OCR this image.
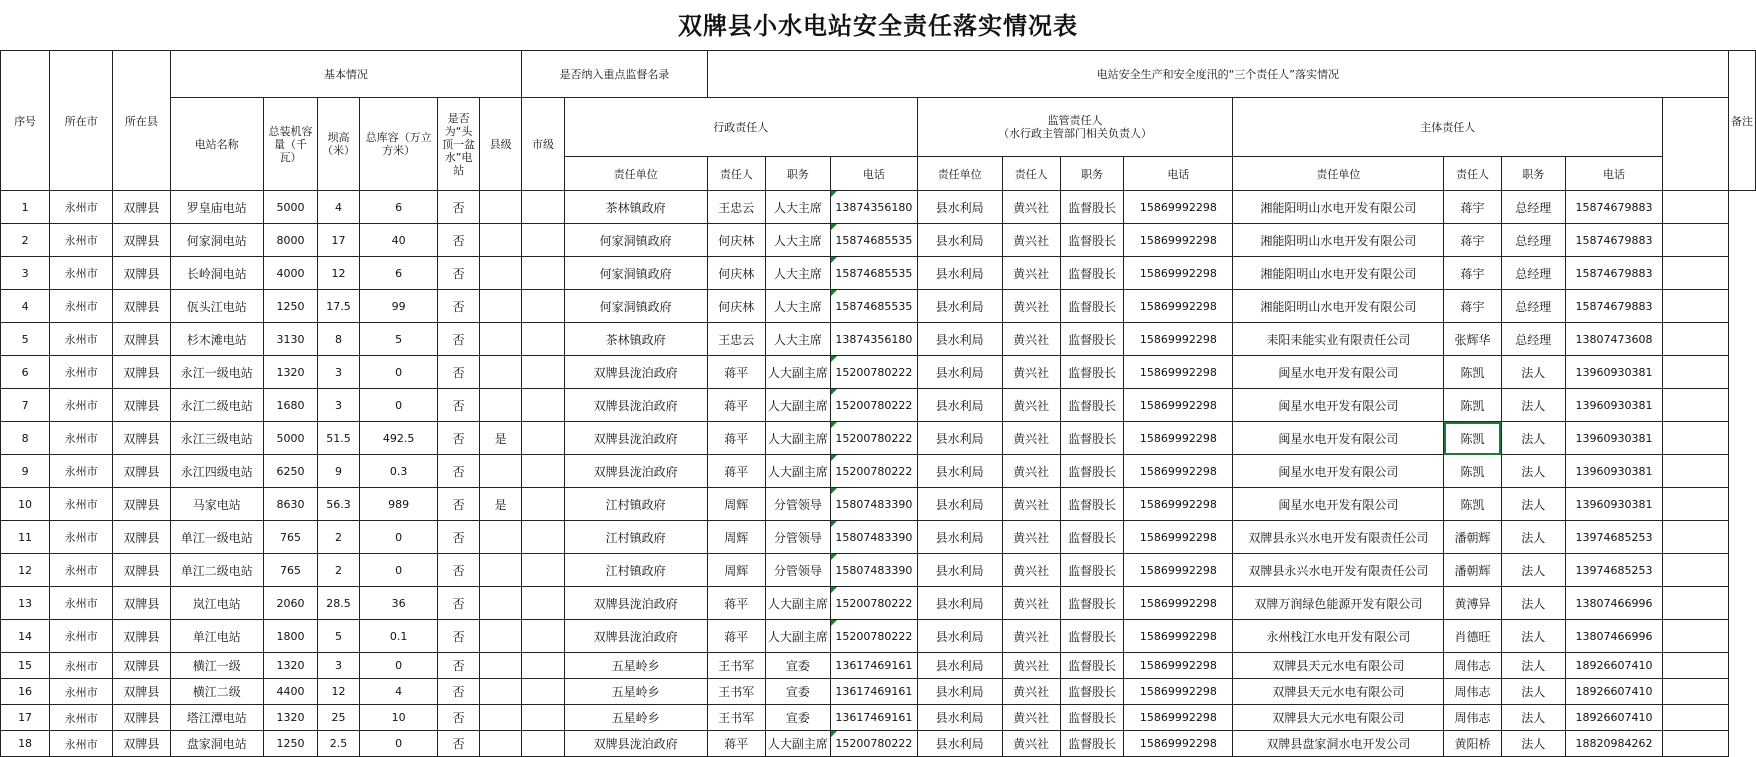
双牌县小水电站安全责任落实情况表
序号	所在市	所在县	基本情况						是否纳入重点监督名录		电站安全生产和安全度汛的“三个责任人”落实情况												备注
			电站名称	总装机容量（千瓦）	坝高（米）	总库容（万立方米）	是否为“头顶一盆水”电站	县级	市级	行政责任人				监管责任人
（水行政主管部门相关负责人）				主体责任人					
										责任单位	责任人	职务	电话	责任单位	责任人	职务	电话	责任单位	责任人	职务	电话		
1	永州市	双牌县	罗皇庙电站	5000	4	6	否			茶林镇政府	王忠云	人大主席	13874356180	县水利局	黄兴社	监督股长	15869992298	湘能阳明山水电开发有限公司	蒋宇	总经理	15874679883		
2	永州市	双牌县	何家洞电站	8000	17	40	否			何家洞镇政府	何庆林	人大主席	15874685535	县水利局	黄兴社	监督股长	15869992298	湘能阳明山水电开发有限公司	蒋宇	总经理	15874679883		
3	永州市	双牌县	长岭洞电站	4000	12	6	否			何家洞镇政府	何庆林	人大主席	15874685535	县水利局	黄兴社	监督股长	15869992298	湘能阳明山水电开发有限公司	蒋宇	总经理	15874679883		
4	永州市	双牌县	佤头江电站	1250	17.5	99	否			何家洞镇政府	何庆林	人大主席	15874685535	县水利局	黄兴社	监督股长	15869992298	湘能阳明山水电开发有限公司	蒋宇	总经理	15874679883		
5	永州市	双牌县	杉木滩电站	3130	8	5	否			茶林镇政府	王忠云	人大主席	13874356180	县水利局	黄兴社	监督股长	15869992298	耒阳耒能实业有限责任公司	张辉华	总经理	13807473608		
6	永州市	双牌县	永江一级电站	1320	3	0	否			双牌县泷泊政府	蒋平	人大副主席	15200780222	县水利局	黄兴社	监督股长	15869992298	闽星水电开发有限公司	陈凯	法人	13960930381		
7	永州市	双牌县	永江二级电站	1680	3	0	否			双牌县泷泊政府	蒋平	人大副主席	15200780222	县水利局	黄兴社	监督股长	15869992298	闽星水电开发有限公司	陈凯	法人	13960930381		
8	永州市	双牌县	永江三级电站	5000	51.5	492.5	否	是		双牌县泷泊政府	蒋平	人大副主席	15200780222	县水利局	黄兴社	监督股长	15869992298	闽星水电开发有限公司	陈凯	法人	13960930381		
9	永州市	双牌县	永江四级电站	6250	9	0.3	否			双牌县泷泊政府	蒋平	人大副主席	15200780222	县水利局	黄兴社	监督股长	15869992298	闽星水电开发有限公司	陈凯	法人	13960930381		
10	永州市	双牌县	马家电站	8630	56.3	989	否	是		江村镇政府	周辉	分管领导	15807483390	县水利局	黄兴社	监督股长	15869992298	闽星水电开发有限公司	陈凯	法人	13960930381		
11	永州市	双牌县	单江一级电站	765	2	0	否			江村镇政府	周辉	分管领导	15807483390	县水利局	黄兴社	监督股长	15869992298	双牌县永兴水电开发有限责任公司	潘朝辉	法人	13974685253		
12	永州市	双牌县	单江二级电站	765	2	0	否			江村镇政府	周辉	分管领导	15807483390	县水利局	黄兴社	监督股长	15869992298	双牌县永兴水电开发有限责任公司	潘朝辉	法人	13974685253		
13	永州市	双牌县	岚江电站	2060	28.5	36	否			双牌县泷泊政府	蒋平	人大副主席	15200780222	县水利局	黄兴社	监督股长	15869992298	双牌万润绿色能源开发有限公司	黄溥异	法人	13807466996		
14	永州市	双牌县	单江电站	1800	5	0.1	否			双牌县泷泊政府	蒋平	人大副主席	15200780222	县水利局	黄兴社	监督股长	15869992298	永州栈江水电开发有限公司	肖德旺	法人	13807466996		
15	永州市	双牌县	横江一级	1320	3	0	否			五星岭乡	王书军	宣委	13617469161	县水利局	黄兴社	监督股长	15869992298	双牌县天元水电有限公司	周伟志	法人	18926607410		
16	永州市	双牌县	横江二级	4400	12	4	否			五星岭乡	王书军	宣委	13617469161	县水利局	黄兴社	监督股长	15869992298	双牌县天元水电有限公司	周伟志	法人	18926607410		
17	永州市	双牌县	塔江潭电站	1320	25	10	否			五星岭乡	王书军	宣委	13617469161	县水利局	黄兴社	监督股长	15869992298	双牌县大元水电有限公司	周伟志	法人	18926607410		
18	永州市	双牌县	盘家洞电站	1250	2.5	0	否			双牌县泷泊政府	蒋平	人大副主席	15200780222	县水利局	黄兴社	监督股长	15869992298	双牌县盘家洞水电开发公司	黄阳桥	法人	18820984262		
